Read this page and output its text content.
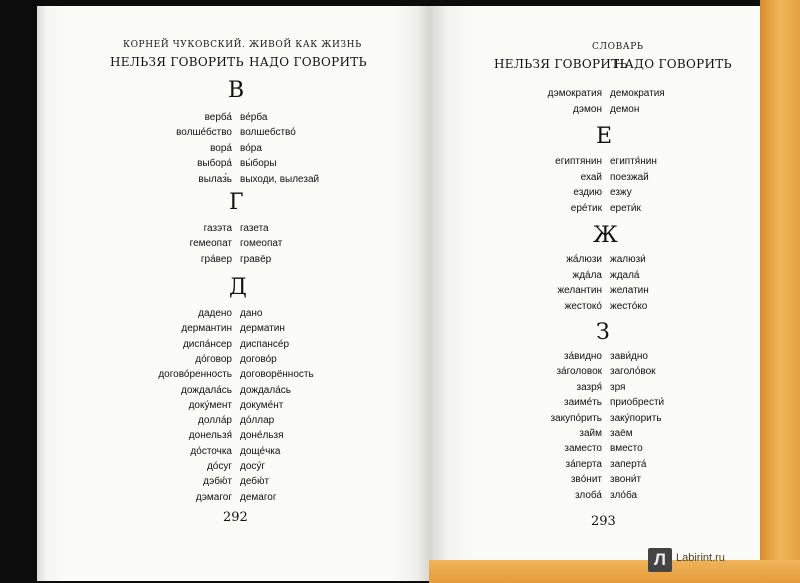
КОРНЕЙ ЧУКОВСКИЙ. ЖИВОЙ КАК ЖИЗНЬ
НЕЛЬЗЯ ГОВОРИТЬ НАДО ГОВОРИТЬ
В
Г
Д
верба́ ве́рба
волше́бство волшебство́
вора́ во́ра
выбора́ вы́боры
вылаз́ь выходи, вылезай
газэта газета
гемеопат гомеопат
гра́вер гравёр
дадено дано
дермантин дерматин
диспа́нсер диспансе́р
до́говор догово́р
догово́ренность договорённость
дождала́сь дождала́сь
доку́мент докуме́нт
долла́р до́ллар
донельзя́ доне́льзя
до́сточка доще́чка
до́суг досу́г
дэбю́т дебю́т
дэмагог демагог
292
СЛОВАРЬ
НЕЛЬЗЯ ГОВОРИТЬ
НАДО ГОВОРИТЬ
Е
Ж
З
дэмократия демократия
дэмон демон
египтянин египтя́нин
ехай поезжай
ездию езжу
ерéтик ерети́к
жа́люзи жалюзи́
ждáла ждала́
желантин желатин
жестоко́ жесто́ко
за́видно зави́дно
за́головок заголо́вок
зазря́ зря
заиме́ть приобрести́
закупо́рить заку́порить
займ заём
заместо вместо
за́перта заперта́
звóнит звони́т
злоба́ зло́ба
293
Л Labirint.ru
